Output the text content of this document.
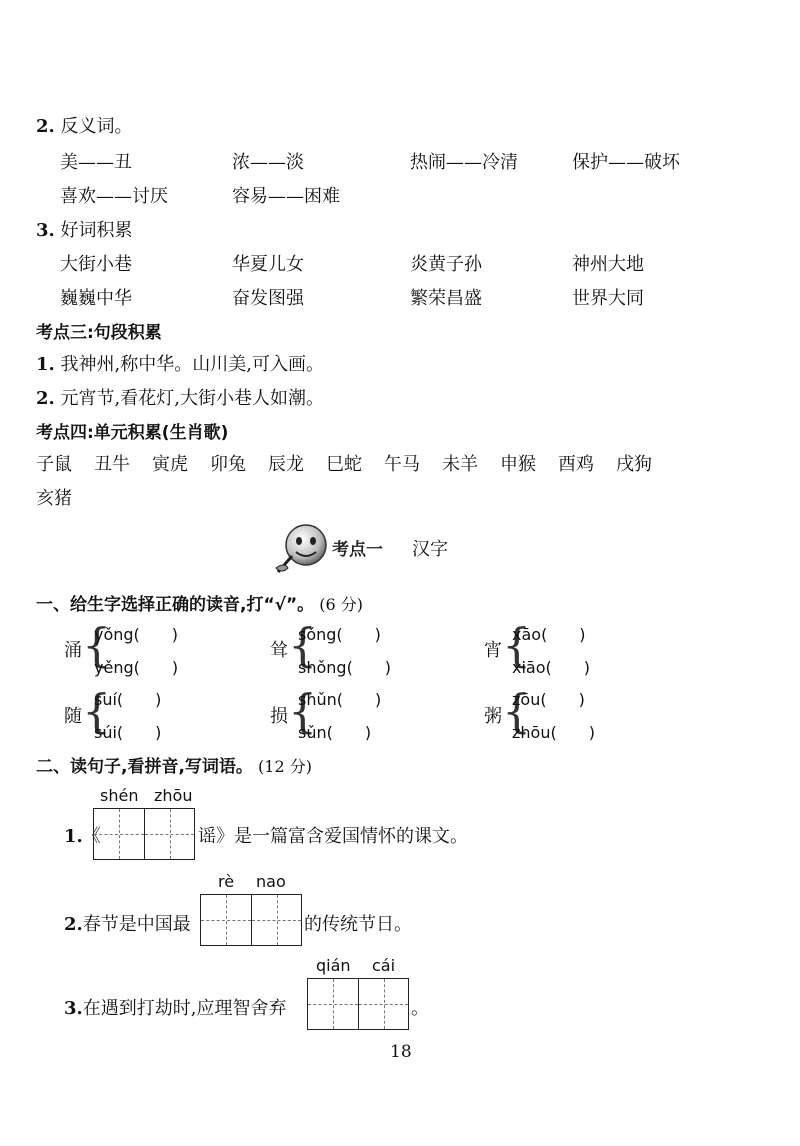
2. 反义词。
美——丑	浓——淡	热闹——冷清	保护——破坏
喜欢——讨厌	容易——困难
3. 好词积累
大街小巷	华夏儿女	炎黄子孙	神州大地
巍巍中华	奋发图强	繁荣昌盛	世界大同
考点三:句段积累
1. 我神州,称中华。山川美,可入画。
2. 元宵节,看花灯,大街小巷人如潮。
考点四:单元积累(生肖歌)
子鼠 丑牛 寅虎 卯兔 辰龙 巳蛇 午马 未羊 申猴 酉鸡 戌狗
亥猪
考点一 汉字
一、给生字选择正确的读音,打“√”。 (6 分)
涌 {
yǒng(　　)
yěng(　　)
耸 {
sǒng(　　)
shǒng(　　)
宵 {
xāo(　　)
xiāo(　　)
随 {
suí(　　)
súi(　　)
损 {
shǔn(　　)
sǔn(　　)
粥 {
zōu(　　)
zhōu(　　)
二、读句子,看拼音,写词语。 (12 分)
shén zhōu
1.《	谣》是一篇富含爱国情怀的课文。
rè nao
2.春节是中国最	的传统节日。
qián cái
3.在遇到打劫时,应理智舍弃	。
18
